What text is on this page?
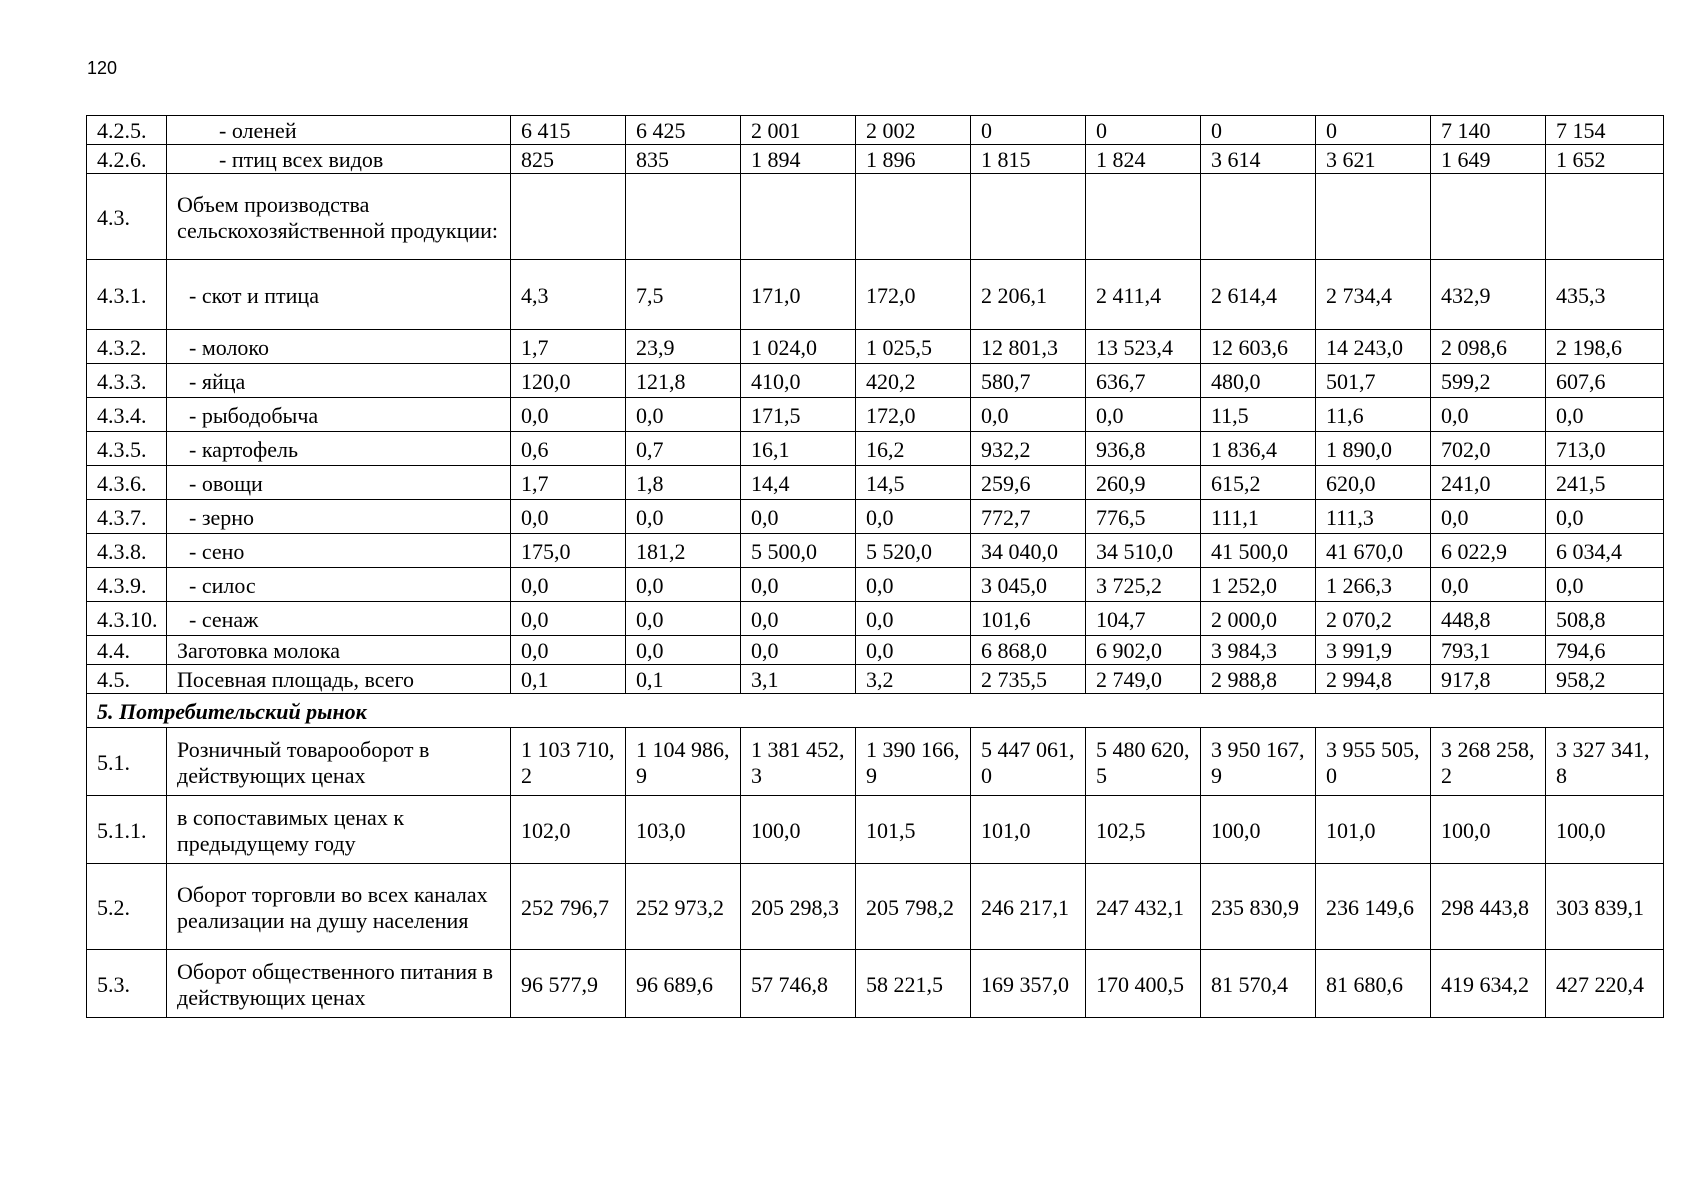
120
4.2.5.	- оленей	6 415	6 425	2 001	2 002	0	0	0	0	7 140	7 154
4.2.6.	- птиц всех видов	825	835	1 894	1 896	1 815	1 824	3 614	3 621	1 649	1 652
4.3.	Объем производства сельскохозяйственной продукции:										
4.3.1.	- скот и птица	4,3	7,5	171,0	172,0	2 206,1	2 411,4	2 614,4	2 734,4	432,9	435,3
4.3.2.	- молоко	1,7	23,9	1 024,0	1 025,5	12 801,3	13 523,4	12 603,6	14 243,0	2 098,6	2 198,6
4.3.3.	- яйца	120,0	121,8	410,0	420,2	580,7	636,7	480,0	501,7	599,2	607,6
4.3.4.	- рыбодобыча	0,0	0,0	171,5	172,0	0,0	0,0	11,5	11,6	0,0	0,0
4.3.5.	- картофель	0,6	0,7	16,1	16,2	932,2	936,8	1 836,4	1 890,0	702,0	713,0
4.3.6.	- овощи	1,7	1,8	14,4	14,5	259,6	260,9	615,2	620,0	241,0	241,5
4.3.7.	- зерно	0,0	0,0	0,0	0,0	772,7	776,5	111,1	111,3	0,0	0,0
4.3.8.	- сено	175,0	181,2	5 500,0	5 520,0	34 040,0	34 510,0	41 500,0	41 670,0	6 022,9	6 034,4
4.3.9.	- силос	0,0	0,0	0,0	0,0	3 045,0	3 725,2	1 252,0	1 266,3	0,0	0,0
4.3.10.	- сенаж	0,0	0,0	0,0	0,0	101,6	104,7	2 000,0	2 070,2	448,8	508,8
4.4.	Заготовка молока	0,0	0,0	0,0	0,0	6 868,0	6 902,0	3 984,3	3 991,9	793,1	794,6
4.5.	Посевная площадь, всего	0,1	0,1	3,1	3,2	2 735,5	2 749,0	2 988,8	2 994,8	917,8	958,2
5. Потребительский рынок											
5.1.	Розничный товарооборот в действующих ценах	1 103 710,2	1 104 986,9	1 381 452,3	1 390 166,9	5 447 061,0	5 480 620,5	3 950 167,9	3 955 505,0	3 268 258,2	3 327 341,8
5.1.1.	в сопоставимых ценах к предыдущему году	102,0	103,0	100,0	101,5	101,0	102,5	100,0	101,0	100,0	100,0
5.2.	Оборот торговли во всех каналах реализации на душу населения	252 796,7	252 973,2	205 298,3	205 798,2	246 217,1	247 432,1	235 830,9	236 149,6	298 443,8	303 839,1
5.3.	Оборот общественного питания в действующих ценах	96 577,9	96 689,6	57 746,8	58 221,5	169 357,0	170 400,5	81 570,4	81 680,6	419 634,2	427 220,4
